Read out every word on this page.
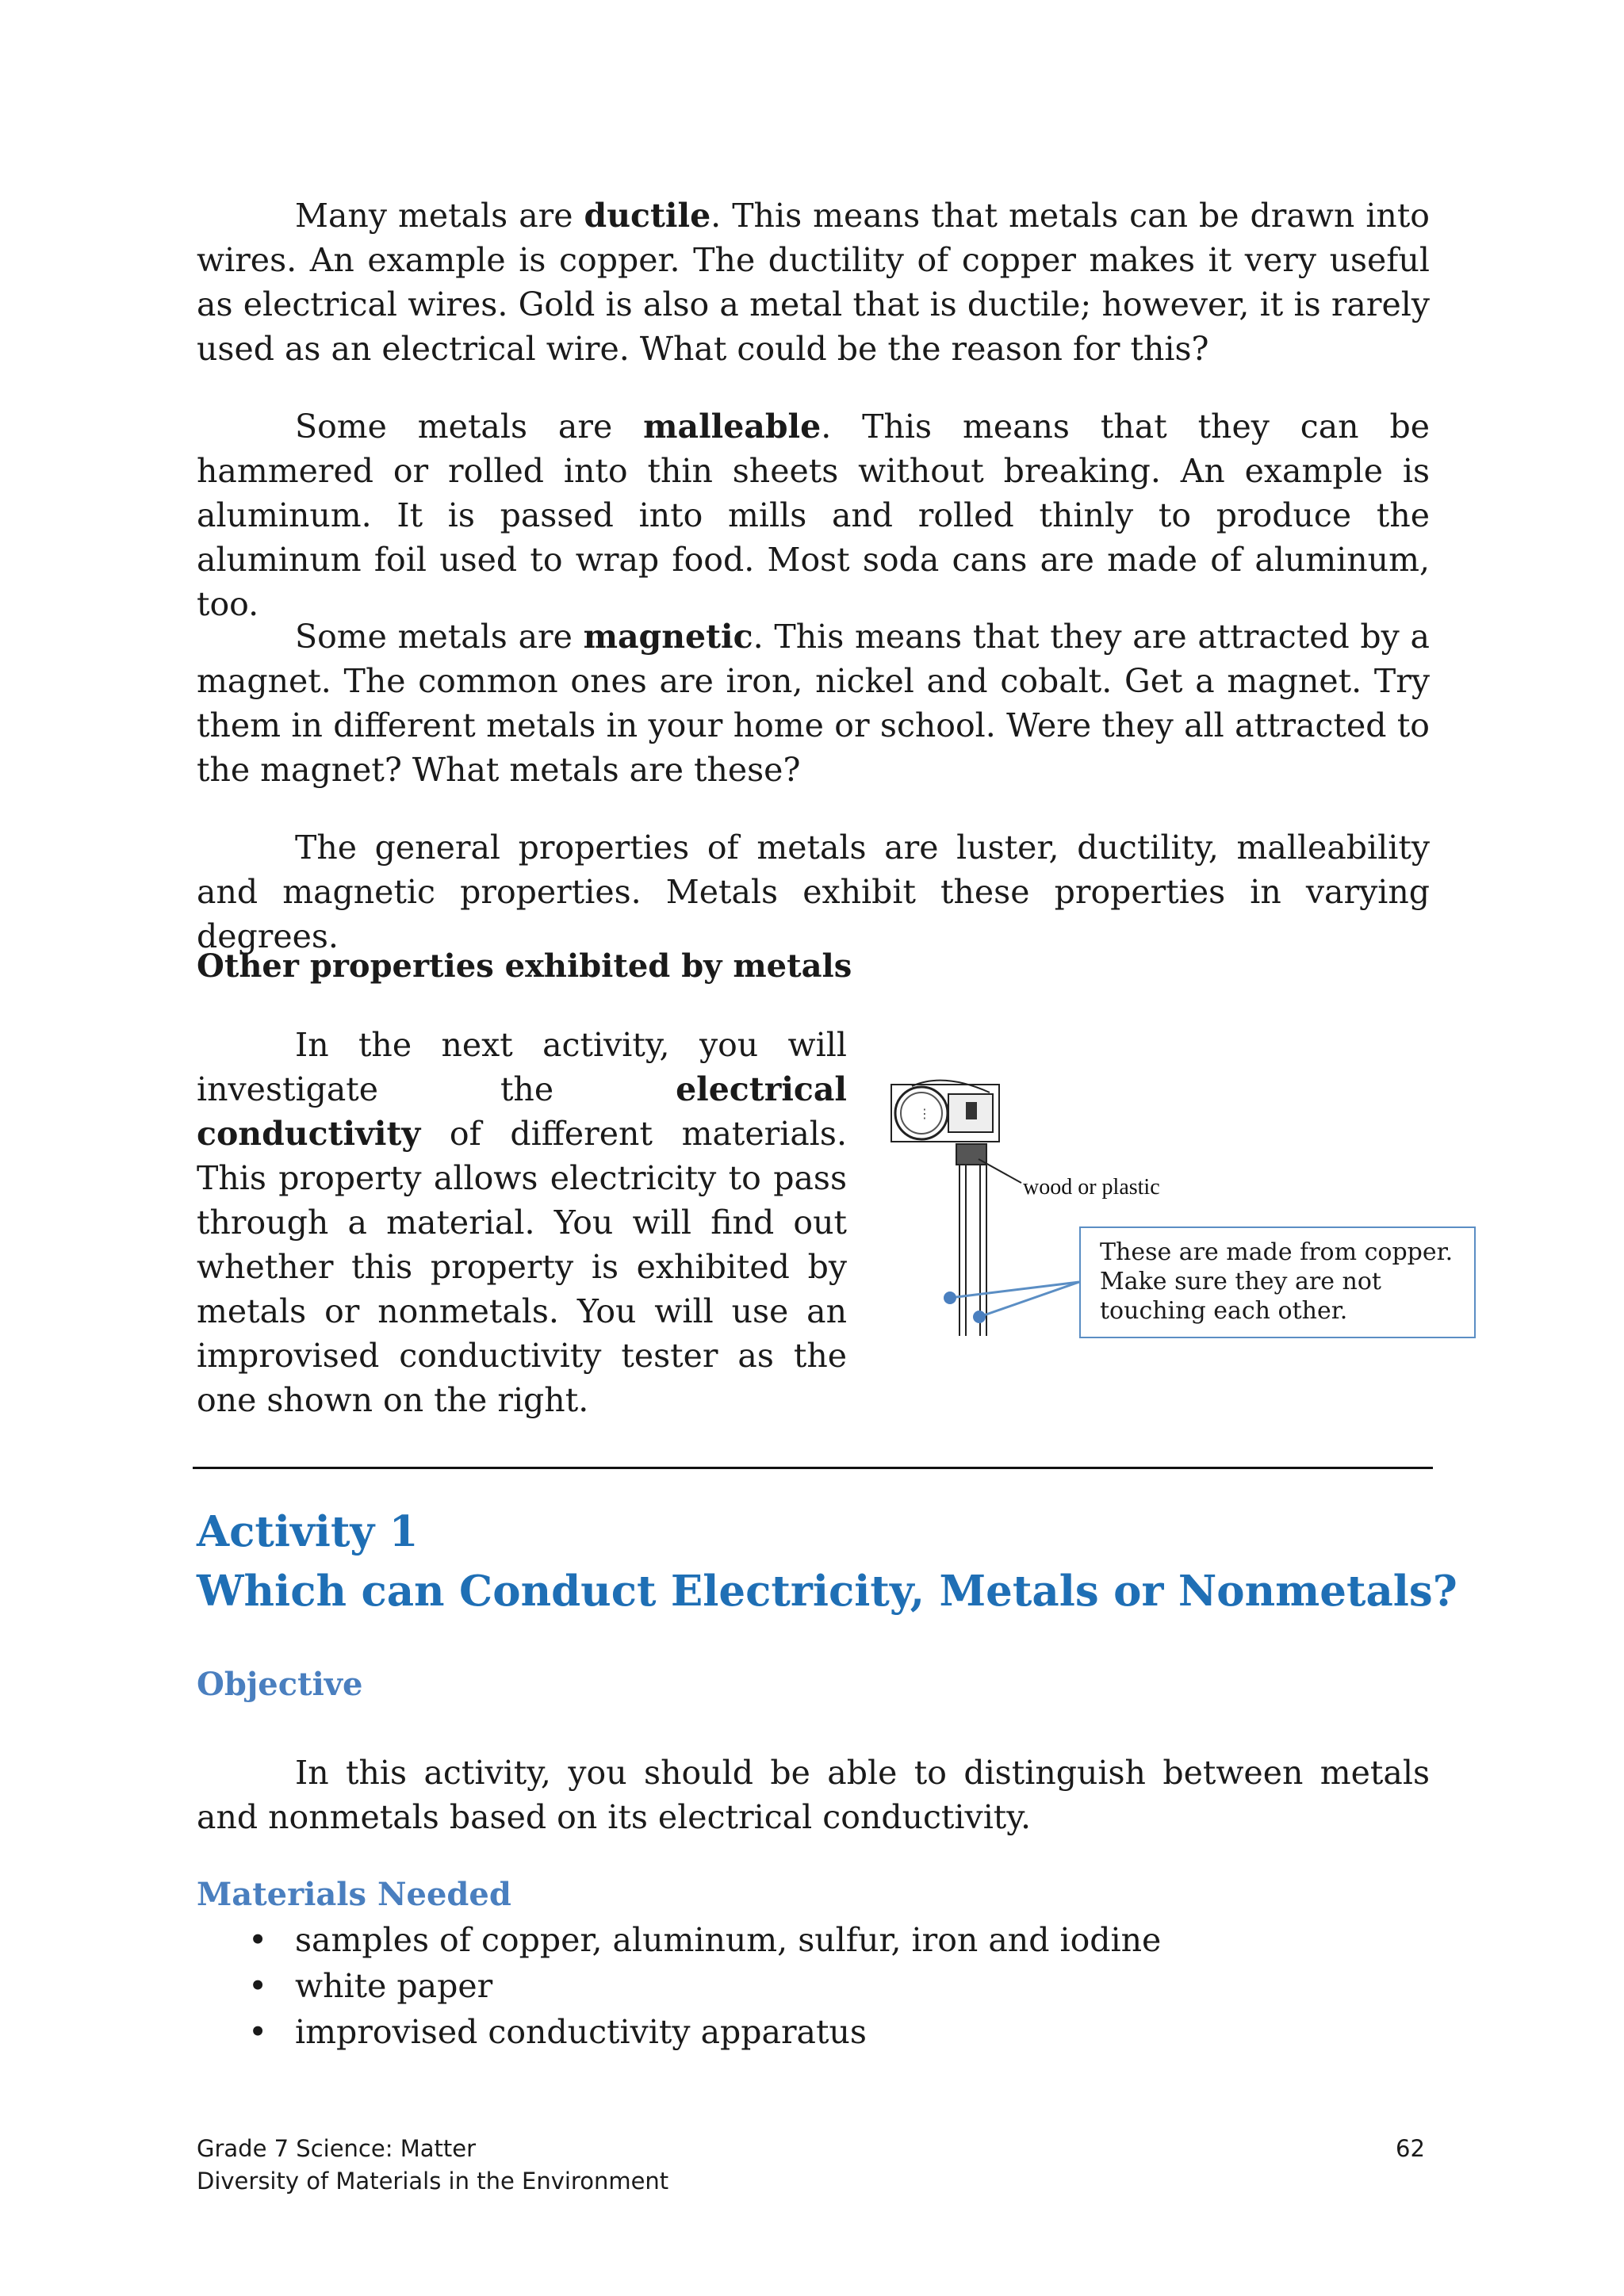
Many metals are ductile. This means that metals can be drawn into wires. An example is copper. The ductility of copper makes it very useful as electrical wires. Gold is also a metal that is ductile; however, it is rarely used as an electrical wire. What could be the reason for this?

Some metals are malleable. This means that they can be hammered or rolled into thin sheets without breaking. An example is aluminum. It is passed into mills and rolled thinly to produce the aluminum foil used to wrap food. Most soda cans are made of aluminum, too.

Some metals are magnetic. This means that they are attracted by a magnet. The common ones are iron, nickel and cobalt. Get a magnet. Try them in different metals in your home or school. Were they all attracted to the magnet? What metals are these?

The general properties of metals are luster, ductility, malleability and magnetic properties. Metals exhibit these properties in varying degrees.

Other properties exhibited by metals

In the next activity, you will investigate the electrical conductivity of different materials. This property allows electricity to pass through a material. You will find out whether this property is exhibited by metals or nonmetals. You will use an improvised conductivity tester as the one shown on the right.

⋮
wood or plastic
These are made from copper. Make sure they are not touching each other.
Activity 1
Which can Conduct Electricity, Metals or Nonmetals?
Objective

In this activity, you should be able to distinguish between metals and nonmetals based on its electrical conductivity.

Materials Needed
• samples of copper, aluminum, sulfur, iron and iodine
• white paper
• improvised conductivity apparatus
Grade 7 Science: Matter
Diversity of Materials in the Environment
62
